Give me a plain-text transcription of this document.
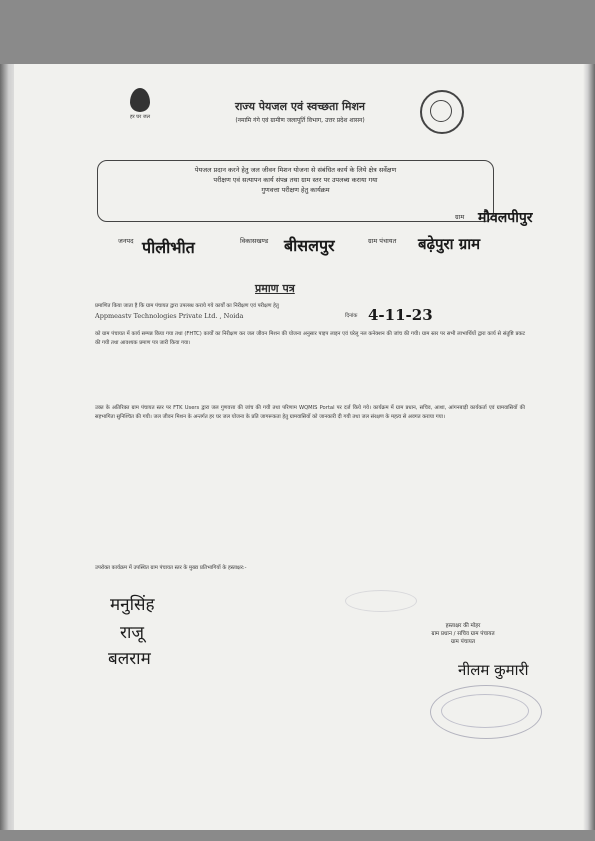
हर घर जल
राज्य पेयजल एवं स्वच्छता मिशन
(नमामि गंगे एवं ग्रामीण जलापूर्ति विभाग, उत्तर प्रदेश शासन)
पेयजल प्रदान करने हेतु जल जीवन मिशन योजना से संबंधित कार्य के लिये क्षेत्र सर्वेक्षण
परीक्षण एवं सत्यापन कार्य संपन्न तथा ग्राम स्तर पर उपलब्ध कराया गया
गुणवत्ता परीक्षण हेतु कार्यक्रम
जनपद पीलीभीत	विकासखण्ड बीसलपुर	ग्राम पंचायत बढ़ेपुरा ग्राम
ग्राम मौवलपीपुर
प्रमाण पत्र
प्रमाणित किया जाता है कि ग्राम पंचायत द्वारा उपलब्ध कराये गये कार्यों का निरीक्षण एवं परीक्षण हेतु
Appmeastv Technologies Private Ltd. , Noida	दिनांक 4-11-23
को ग्राम पंचायत में कार्य सम्पन्न किया गया तथा (FHTC) कार्यों का निरीक्षण कर जल जीवन मिशन की योजना अनुसार पाइप लाइन एवं घरेलू नल कनेक्शन की जांच की गयी। ग्राम स्तर पर सभी लाभार्थियों द्वारा कार्य से संतुष्टि प्रकट की गयी तथा आवश्यक प्रमाण पत्र जारी किया गया।
उक्त के अतिरिक्त ग्राम पंचायत स्तर पर FTK Users द्वारा जल गुणवत्ता की जांच की गयी तथा परिणाम WQMIS Portal पर दर्ज किये गये। कार्यक्रम में ग्राम प्रधान, सचिव, आशा, आंगनबाड़ी कार्यकर्ता एवं ग्रामवासियों की सहभागिता सुनिश्चित की गयी। जल जीवन मिशन के अन्तर्गत हर घर जल योजना के प्रति जागरूकता हेतु ग्रामवासियों को जानकारी दी गयी तथा जल संरक्षण के महत्व से अवगत कराया गया।
उपरोक्त कार्यक्रम में उपस्थित ग्राम पंचायत स्तर के मुख्य प्रतिभागियों के हस्ताक्षर:-
मनुसिंह
राजू
बलराम
हस्ताक्षर की मोहर
ग्राम प्रधान / सचिव ग्राम पंचायत
ग्राम पंचायत
नीलम कुमारी
